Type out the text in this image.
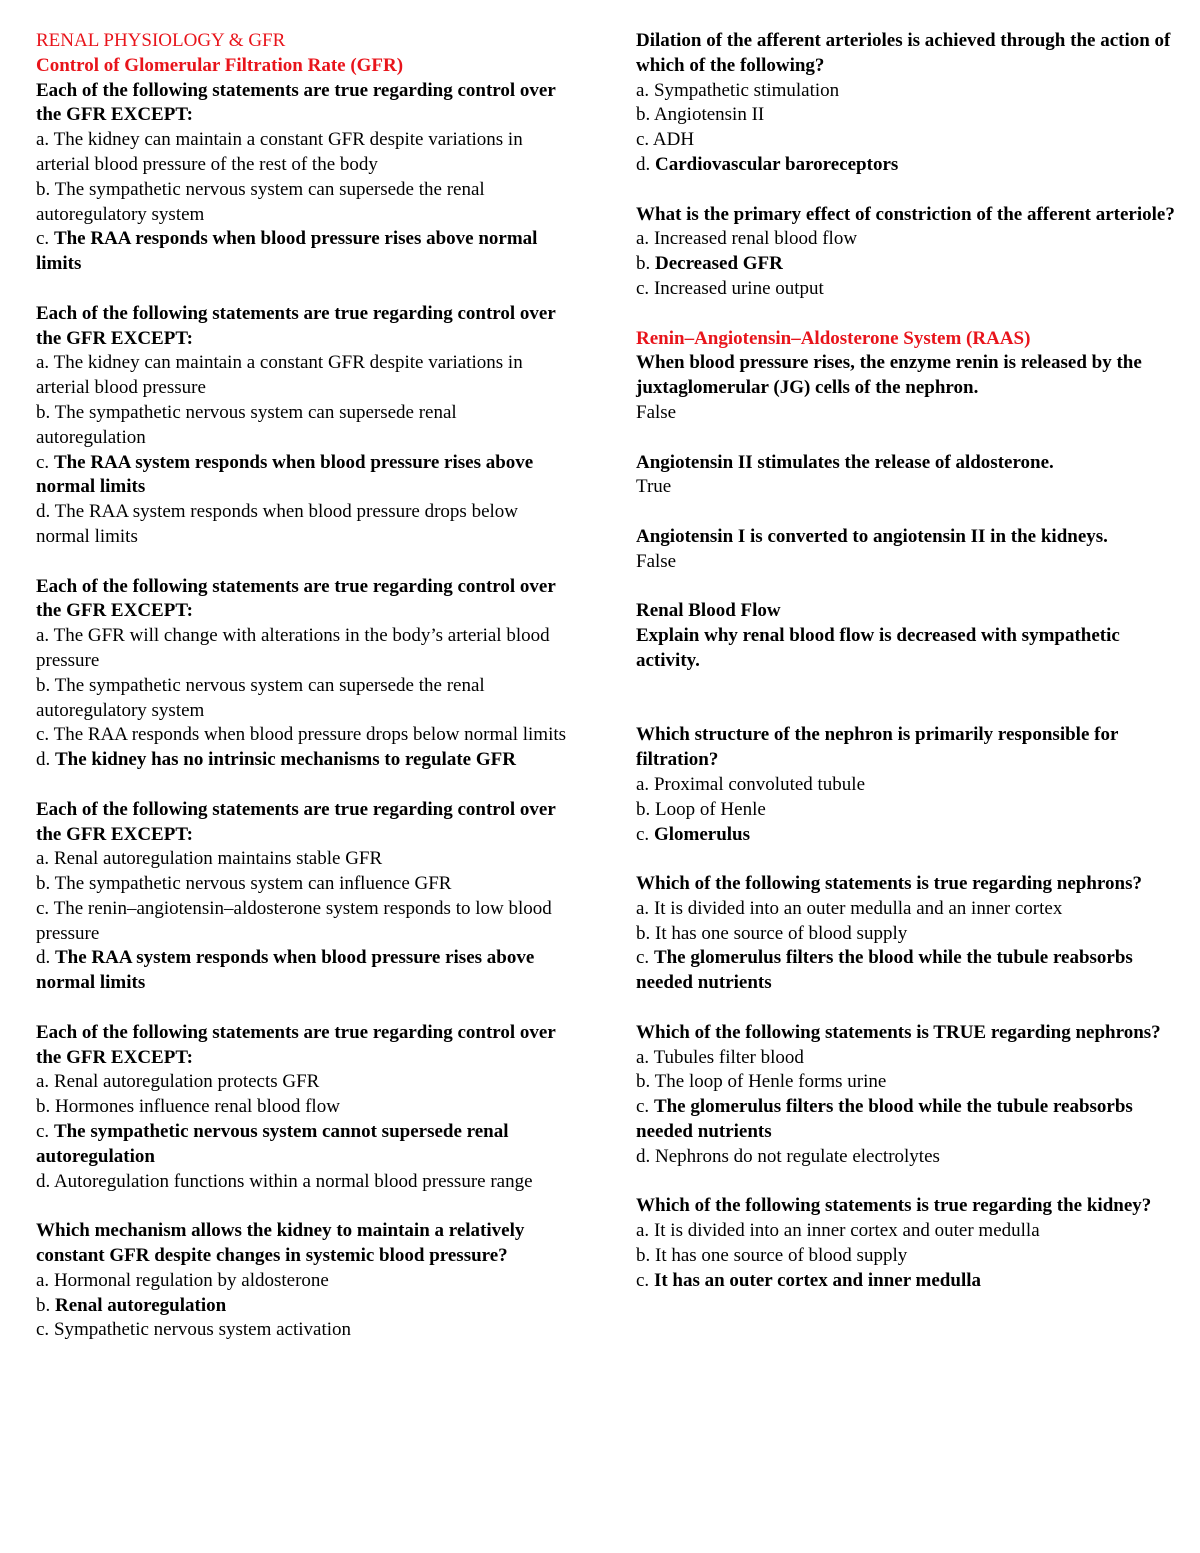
RENAL PHYSIOLOGY & GFR

Control of Glomerular Filtration Rate (GFR)

Each of the following statements are true regarding control over the GFR EXCEPT:

a. The kidney can maintain a constant GFR despite variations in arterial blood pressure of the rest of the body

b. The sympathetic nervous system can supersede the renal autoregulatory system

c. The RAA responds when blood pressure rises above normal limits

Each of the following statements are true regarding control over the GFR EXCEPT:

a. The kidney can maintain a constant GFR despite variations in arterial blood pressure

b. The sympathetic nervous system can supersede renal autoregulation

c. The RAA system responds when blood pressure rises above normal limits

d. The RAA system responds when blood pressure drops below normal limits

Each of the following statements are true regarding control over the GFR EXCEPT:

a. The GFR will change with alterations in the body’s arterial blood pressure

b. The sympathetic nervous system can supersede the renal autoregulatory system

c. The RAA responds when blood pressure drops below normal limits

d. The kidney has no intrinsic mechanisms to regulate GFR

Each of the following statements are true regarding control over the GFR EXCEPT:

a. Renal autoregulation maintains stable GFR

b. The sympathetic nervous system can influence GFR

c. The renin–angiotensin–aldosterone system responds to low blood pressure

d. The RAA system responds when blood pressure rises above normal limits

Each of the following statements are true regarding control over the GFR EXCEPT:

a. Renal autoregulation protects GFR

b. Hormones influence renal blood flow

c. The sympathetic nervous system cannot supersede renal autoregulation

d. Autoregulation functions within a normal blood pressure range

Which mechanism allows the kidney to maintain a relatively constant GFR despite changes in systemic blood pressure?

a. Hormonal regulation by aldosterone

b. Renal autoregulation

c. Sympathetic nervous system activation

Dilation of the afferent arterioles is achieved through the action of which of the following?

a. Sympathetic stimulation

b. Angiotensin II

c. ADH

d. Cardiovascular baroreceptors

What is the primary effect of constriction of the afferent arteriole?

a. Increased renal blood flow

b. Decreased GFR

c. Increased urine output

Renin–Angiotensin–Aldosterone System (RAAS)

When blood pressure rises, the enzyme renin is released by the juxtaglomerular (JG) cells of the nephron.

False

Angiotensin II stimulates the release of aldosterone.

True

Angiotensin I is converted to angiotensin II in the kidneys.

False

Renal Blood Flow

Explain why renal blood flow is decreased with sympathetic activity.

Which structure of the nephron is primarily responsible for filtration?

a. Proximal convoluted tubule

b. Loop of Henle

c. Glomerulus

Which of the following statements is true regarding nephrons?

a. It is divided into an outer medulla and an inner cortex

b. It has one source of blood supply

c. The glomerulus filters the blood while the tubule reabsorbs needed nutrients

Which of the following statements is TRUE regarding nephrons?

a. Tubules filter blood

b. The loop of Henle forms urine

c. The glomerulus filters the blood while the tubule reabsorbs needed nutrients

d. Nephrons do not regulate electrolytes

Which of the following statements is true regarding the kidney?

a. It is divided into an inner cortex and outer medulla

b. It has one source of blood supply

c. It has an outer cortex and inner medulla
